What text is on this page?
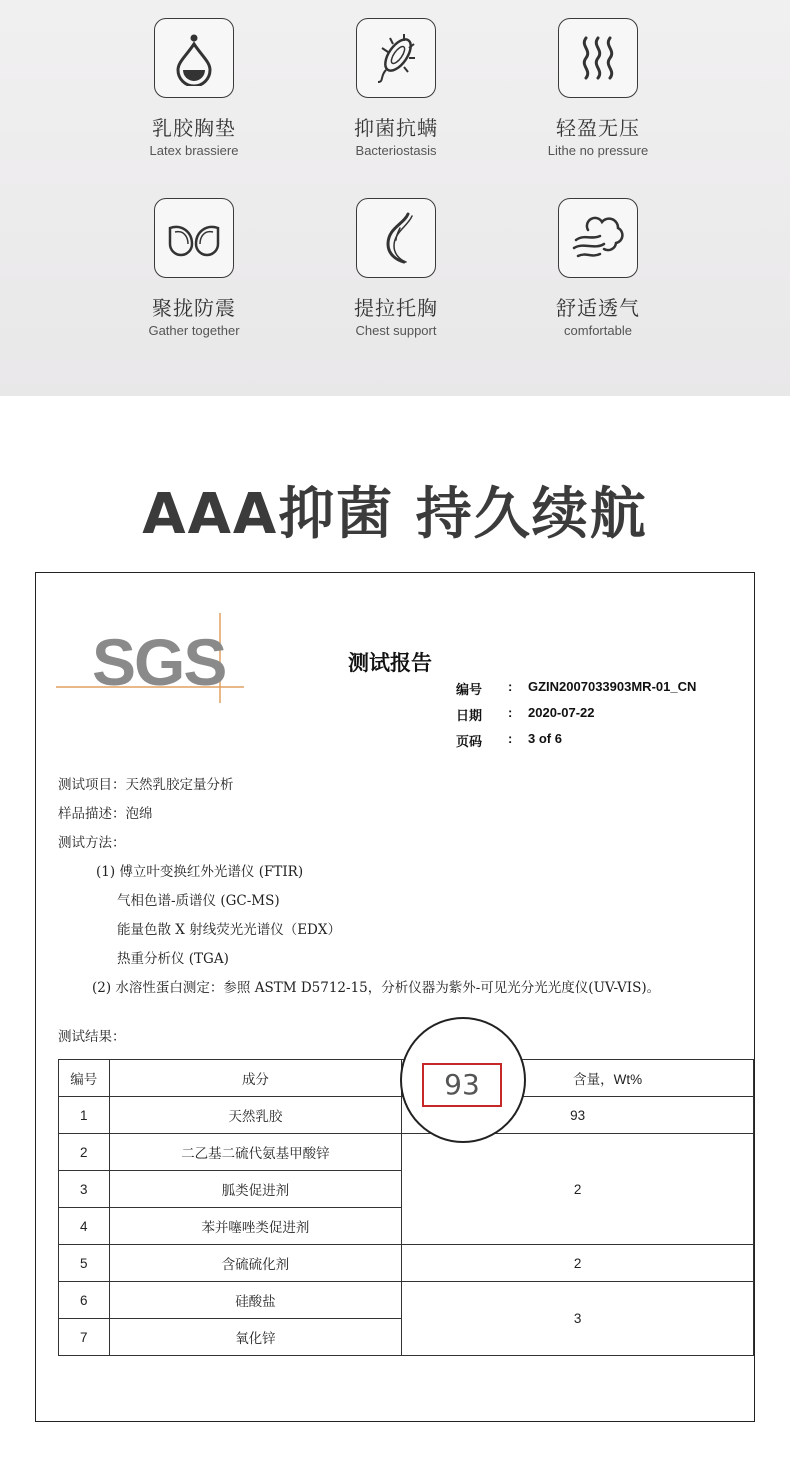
乳胶胸垫
Latex brassiere
抑菌抗螨
Bacteriostasis
轻盈无压
Lithe no pressure
聚拢防震
Gather together
提拉托胸
Chest support
舒适透气
comfortable
AAA抑菌 持久续航
SGS	测试报告
编号	:	GZIN2007033903MR-01_CN
日期	:	2020-07-22
页码	:	3 of 6
测试项目：天然乳胶定量分析
样品描述：泡绵
测试方法：
(1) 傅立叶变换红外光谱仪 (FTIR)
气相色谱-质谱仪 (GC-MS)
能量色散 X 射线荧光光谱仪（EDX）
热重分析仪 (TGA)
(2) 水溶性蛋白测定：参照 ASTM D5712-15，分析仪器为紫外-可见光分光光度仪(UV-VIS)。
测试结果：
编号	成分	含量，Wt%
1	天然乳胶	93
2	二乙基二硫代氨基甲酸锌	2
3	胍类促进剂	
4	苯并噻唑类促进剂	
5	含硫硫化剂	2
6	硅酸盐	3
7	氧化锌	
93
